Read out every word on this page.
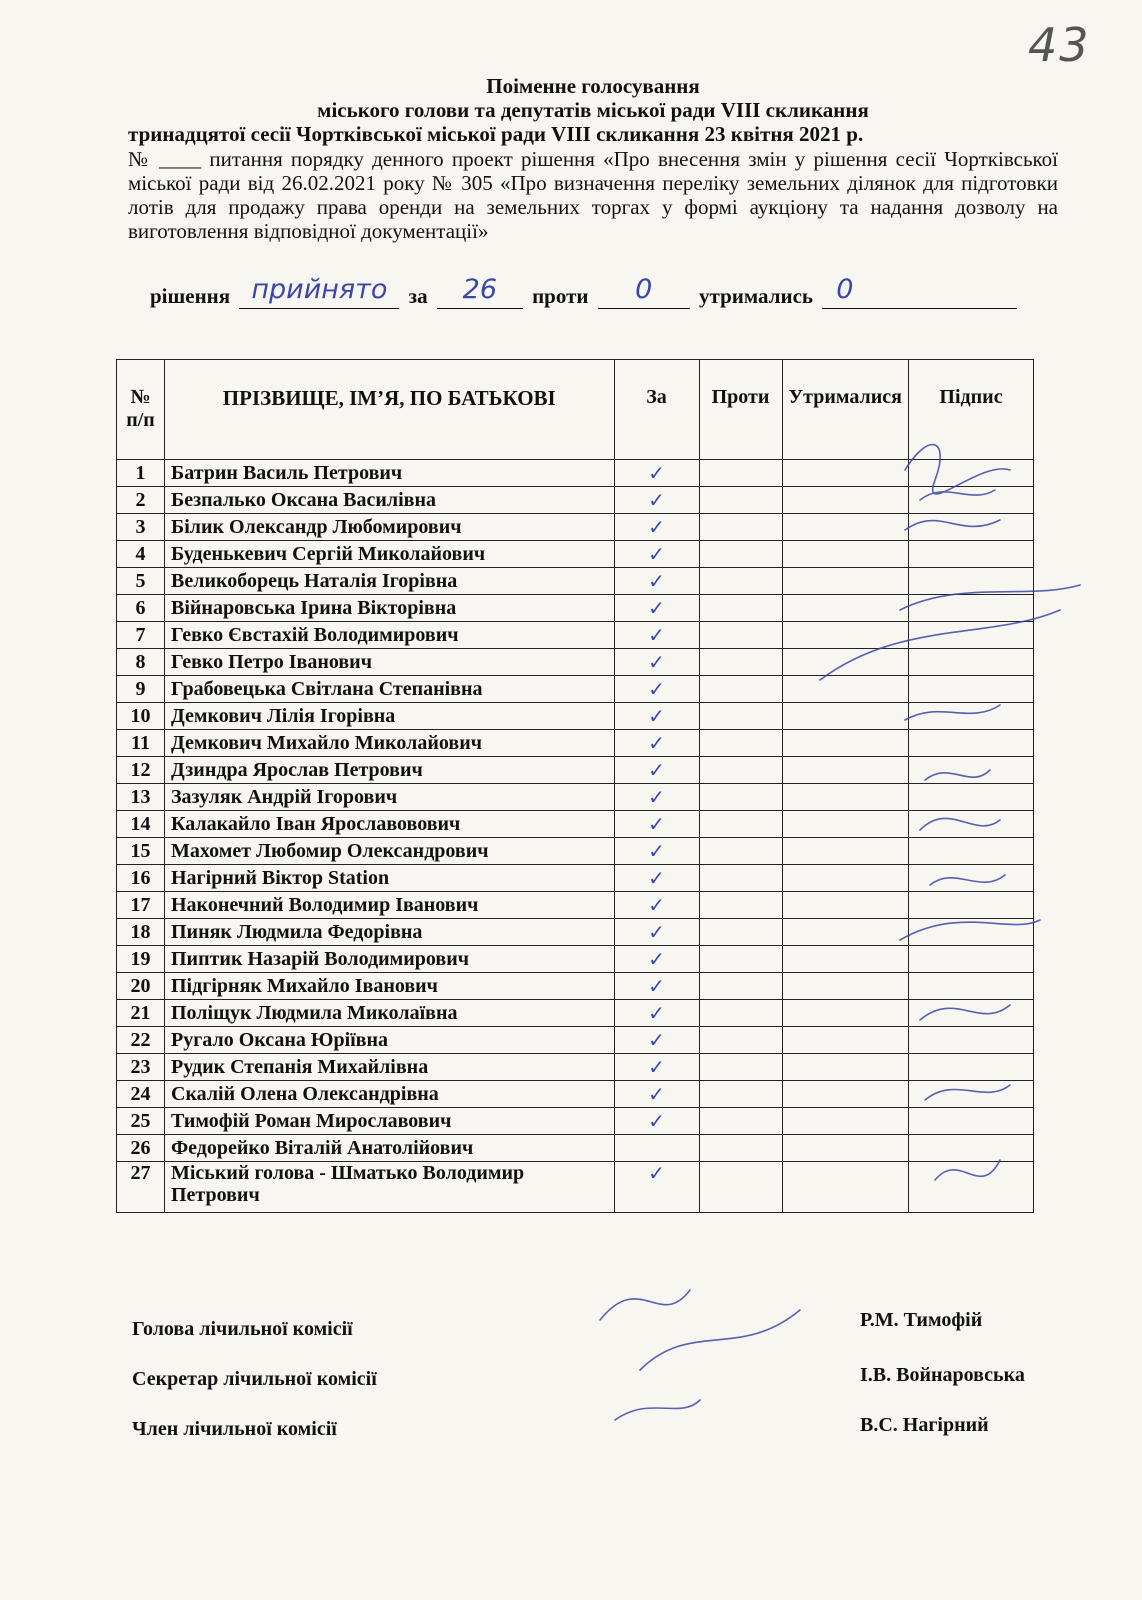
43
Поіменне голосування
міського голови та депутатів міської ради VIII скликання
тринадцятої сесії Чортківської міської ради VIII скликання 23 квітня 2021 р.
№ ____ питання порядку денного проект рішення «Про внесення змін у рішення сесії Чортківської міської ради від 26.02.2021 року № 305 «Про визначення переліку земельних ділянок для підготовки лотів для продажу права оренди на земельних торгах у формі аукціону та надання дозволу на виготовлення відповідної документації»
рішення прийнято	за	26	проти	0	утримались 0
№ п/п	ПРІЗВИЩЕ, ІМ’Я, ПО БАТЬКОВІ	За	Проти	Утрималися	Підпис
1	Батрин Василь Петрович	✓			
2	Безпалько Оксана Василівна	✓			
3	Білик Олександр Любомирович	✓			
4	Буденькевич Сергій Миколайович	✓			
5	Великоборець Наталія Ігорівна	✓			
6	Війнаровська Ірина Вікторівна	✓			
7	Гевко Євстахій Володимирович	✓			
8	Гевко Петро Іванович	✓			
9	Грабовецька Світлана Степанівна	✓			
10	Демкович Лілія Ігорівна	✓			
11	Демкович Михайло Миколайович	✓			
12	Дзиндра Ярослав Петрович	✓			
13	Зазуляк Андрій Ігорович	✓			
14	Калакайло Іван Ярославовович	✓			
15	Махомет Любомир Олександрович	✓			
16	Нагірний Віктор Station	✓			
17	Наконечний Володимир Іванович	✓			
18	Пиняк Людмила Федорівна	✓			
19	Пиптик Назарій Володимирович	✓			
20	Підгірняк Михайло Іванович	✓			
21	Поліщук Людмила Миколаївна	✓			
22	Ругало Оксана Юріївна	✓			
23	Рудик Степанія Михайлівна	✓			
24	Скалій Олена Олександрівна	✓			
25	Тимофій Роман Мирославович	✓			
26	Федорейко Віталій Анатолійович				
27	Міський голова - Шматько Володимир Петрович	✓			
Голова лічильної комісії	Р.М. Тимофій
Секретар лічильної комісії	І.В. Войнаровська
Член лічильної комісії	В.С. Нагірний
